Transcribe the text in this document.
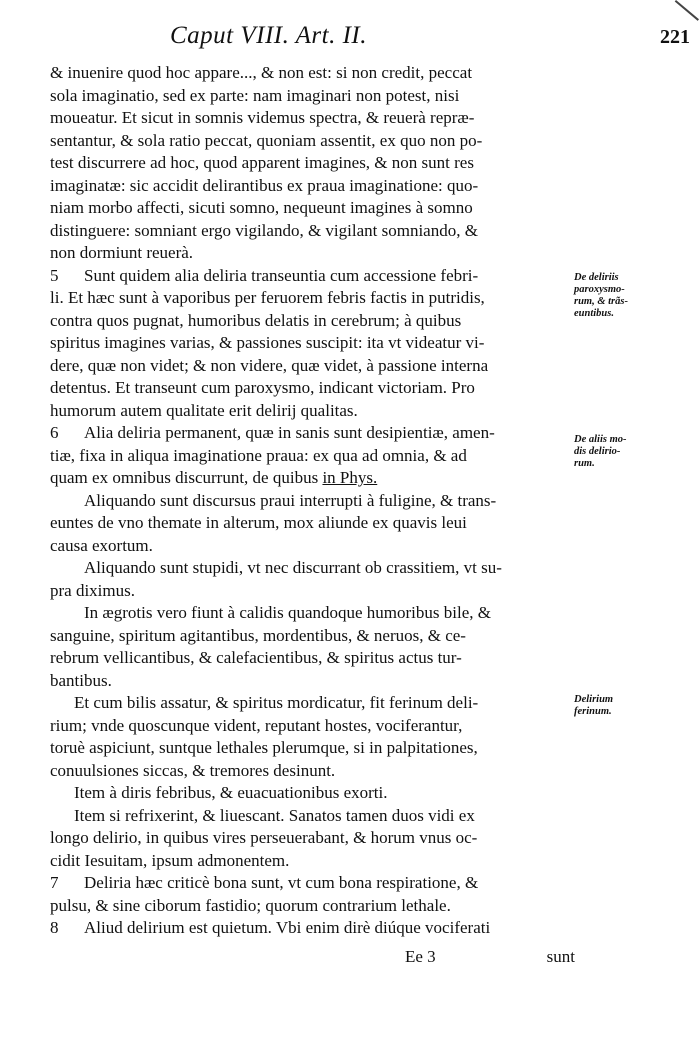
Caput VIII. Art. II.	221
& inuenire quod hoc appare..., & non est: si non credit, peccat
sola imaginatio, sed ex parte: nam imaginari non potest, nisi
moueatur. Et sicut in somnis videmus spectra, & reuerà repræ-
sentantur, & sola ratio peccat, quoniam assentit, ex quo non po-
test discurrere ad hoc, quod apparent imagines, & non sunt res
imaginatæ: sic accidit delirantibus ex praua imaginatione: quo-
niam morbo affecti, sicuti somno, nequeunt imagines à somno
distinguere: somniant ergo vigilando, & vigilant somniando, &
non dormiunt reuerà.
5 Sunt quidem alia deliria transeuntia cum accessione febri-
li. Et hæc sunt à vaporibus per feruorem febris factis in putridis,
contra quos pugnat, humoribus delatis in cerebrum; à quibus
spiritus imagines varias, & passiones suscipit: ita vt videatur vi-
dere, quæ non videt; & non videre, quæ videt, à passione interna
detentus. Et transeunt cum paroxysmo, indicant victoriam. Pro
humorum autem qualitate erit delirij qualitas.
6 Alia deliria permanent, quæ in sanis sunt desipientiæ, amen-
tiæ, fixa in aliqua imaginatione praua: ex qua ad omnia, & ad
quam ex omnibus discurrunt, de quibus in Phys.
Aliquando sunt discursus praui interrupti à fuligine, & trans-
euntes de vno themate in alterum, mox aliunde ex quavis leui
causa exortum.
Aliquando sunt stupidi, vt nec discurrant ob crassitiem, vt su-
pra diximus.
In ægrotis vero fiunt à calidis quandoque humoribus bile, &
sanguine, spiritum agitantibus, mordentibus, & neruos, & ce-
rebrum vellicantibus, & calefacientibus, & spiritus actus tur-
bantibus.
Et cum bilis assatur, & spiritus mordicatur, fit ferinum deli-
rium; vnde quoscunque vident, reputant hostes, vociferantur,
toruè aspiciunt, suntque lethales plerumque, si in palpitationes,
conuulsiones siccas, & tremores desinunt.
Item à diris febribus, & euacuationibus exorti.
Item si refrixerint, & liuescant. Sanatos tamen duos vidi ex
longo delirio, in quibus vires perseuerabant, & horum vnus oc-
cidit Iesuitam, ipsum admonentem.
7 Deliria hæc criticè bona sunt, vt cum bona respiratione, &
pulsu, & sine ciborum fastidio; quorum contrarium lethale.
8 Aliud delirium est quietum. Vbi enim dirè diúque vociferati
De deliriis
paroxysmo-
rum, & trãs-
euntibus.
De aliis mo-
dis delirio-
rum.
Delirium
ferinum.
Ee 3	sunt
